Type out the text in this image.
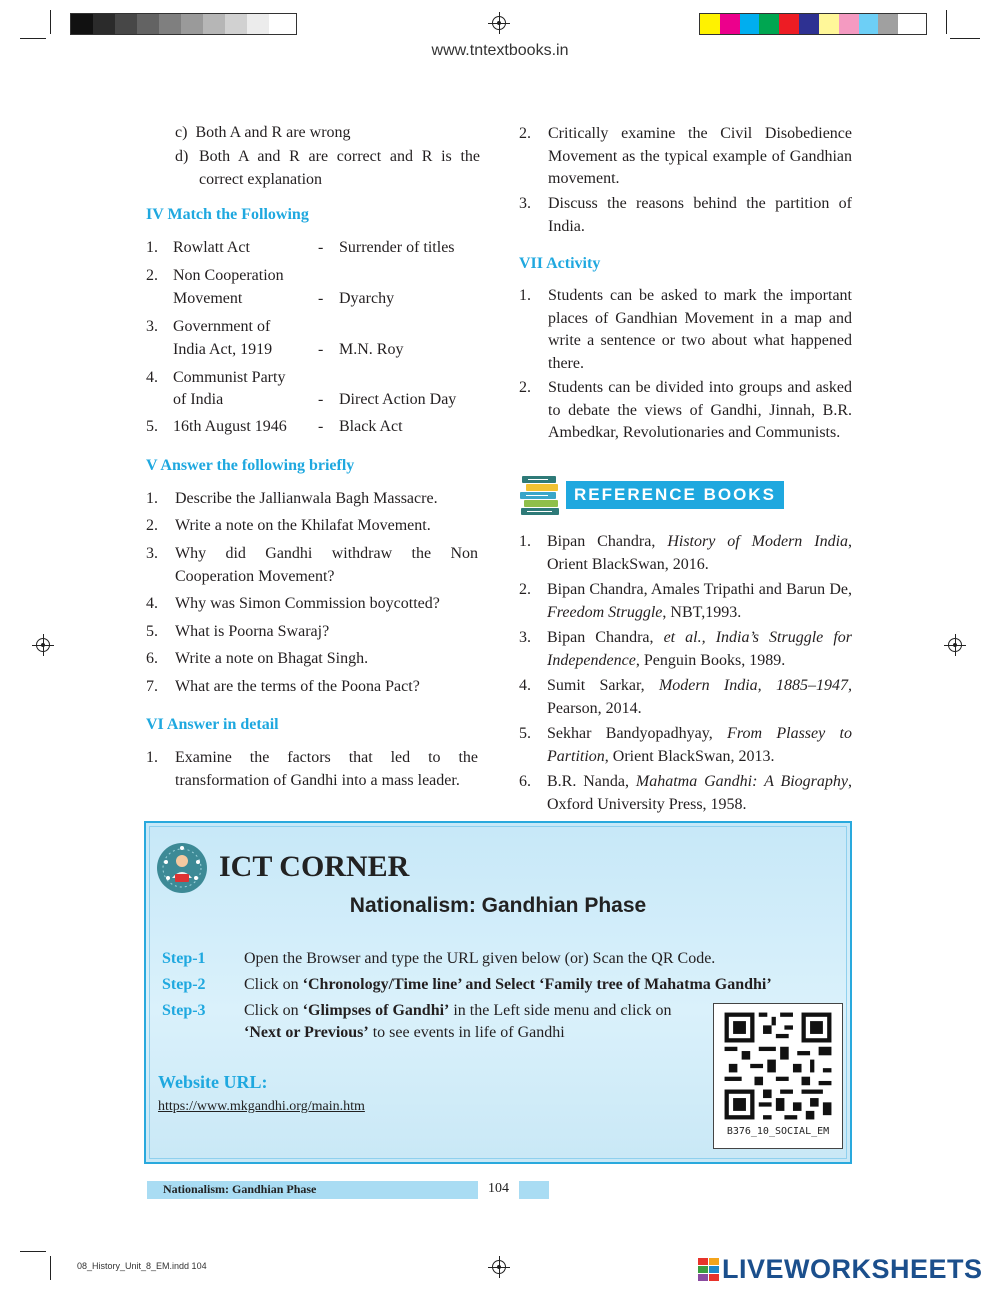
www.tntextbooks.in
c) Both A and R are wrong
d) Both A and R are correct and R is the correct explanation
IV Match the Following
1. Rowlatt Act	- Surrender of titles
2. Non Cooperation
Movement	- Dyarchy
3. Government of
India Act, 1919	- M.N. Roy
4. Communist Party
of India	- Direct Action Day
5. 16th August 1946 - Black Act
V Answer the following briefly
1. Describe the Jallianwala Bagh Massacre.
2. Write a note on the Khilafat Movement.
3. Why did Gandhi withdraw the Non Cooperation Movement?
4. Why was Simon Commission boycotted?
5. What is Poorna Swaraj?
6. Write a note on Bhagat Singh.
7. What are the terms of the Poona Pact?
VI Answer in detail
1. Examine the factors that led to the transformation of Gandhi into a mass leader.
2. Critically examine the Civil Disobedience Movement as the typical example of Gandhian movement.
3. Discuss the reasons behind the partition of India.
VII Activity
1. Students can be asked to mark the important places of Gandhian Movement in a map and write a sentence or two about what happened there.
2. Students can be divided into groups and asked to debate the views of Gandhi, Jinnah, B.R. Ambedkar, Revolutionaries and Communists.
REFERENCE BOOKS
1. Bipan Chandra, History of Modern India, Orient BlackSwan, 2016.
2. Bipan Chandra, Amales Tripathi and Barun De, Freedom Struggle, NBT,1993.
3. Bipan Chandra, et al., India’s Struggle for Independence, Penguin Books, 1989.
4. Sumit Sarkar, Modern India, 1885–1947, Pearson, 2014.
5. Sekhar Bandyopadhyay, From Plassey to Partition, Orient BlackSwan, 2013.
6. B.R. Nanda, Mahatma Gandhi: A Biography, Oxford University Press, 1958.
ICT CORNER
Nationalism: Gandhian Phase
Step-1 Open the Browser and type the URL given below (or) Scan the QR Code.
Step-2 Click on ‘Chronology/Time line’ and Select ‘Family tree of Mahatma Gandhi’
Step-3 Click on ‘Glimpses of Gandhi’ in the Left side menu and click on
‘Next or Previous’ to see events in life of Gandhi
Website URL:
https://www.mkgandhi.org/main.htm
B376_10_SOCIAL_EM
Nationalism: Gandhian Phase	104
08_History_Unit_8_EM.indd 104	LIVEWORKSHEETS
